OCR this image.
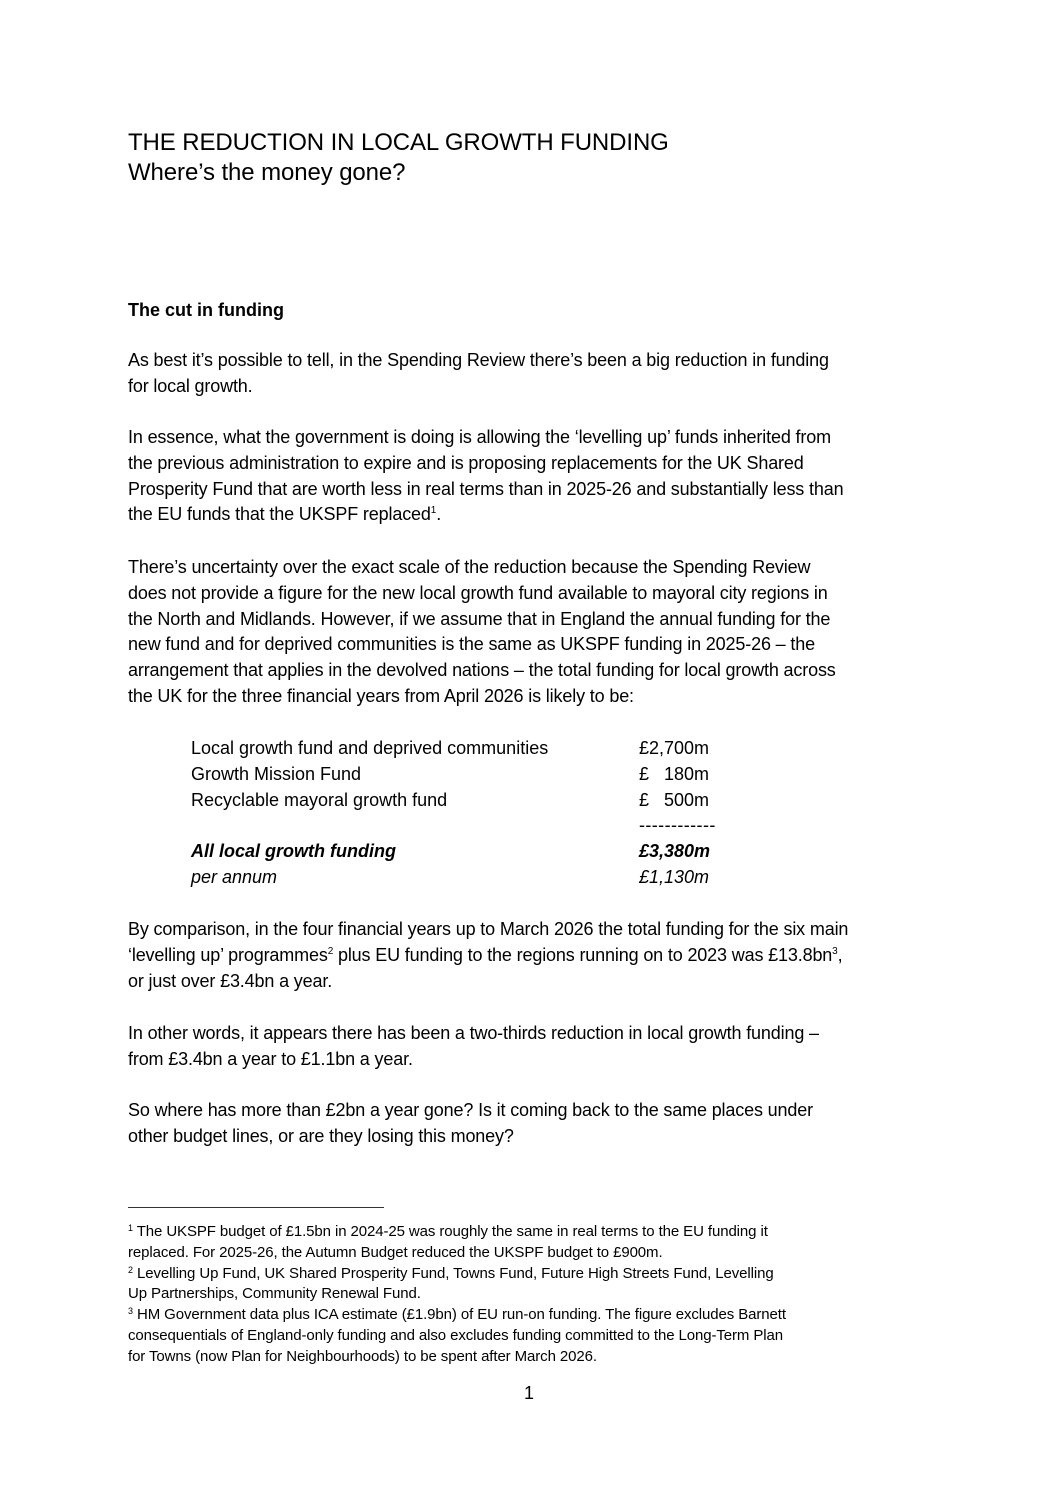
THE REDUCTION IN LOCAL GROWTH FUNDING
Where’s the money gone?
The cut in funding

As best it’s possible to tell, in the Spending Review there’s been a big reduction in funding
for local growth.

In essence, what the government is doing is allowing the ‘levelling up’ funds inherited from
the previous administration to expire and is proposing replacements for the UK Shared
Prosperity Fund that are worth less in real terms than in 2025-26 and substantially less than
the EU funds that the UKSPF replaced$^1$.

There’s uncertainty over the exact scale of the reduction because the Spending Review
does not provide a figure for the new local growth fund available to mayoral city regions in
the North and Midlands. However, if we assume that in England the annual funding for the
new fund and for deprived communities is the same as UKSPF funding in 2025-26 – the
arrangement that applies in the devolved nations – the total funding for local growth across
the UK for the three financial years from April 2026 is likely to be:

Local growth fund and deprived communities	£2,700m
Growth Mission Fund	£   180m
Recyclable mayoral growth fund	£   500m
	------------
All local growth funding	£3,380m
per annum	£1,130m

By comparison, in the four financial years up to March 2026 the total funding for the six main
‘levelling up’ programmes$^2$ plus EU funding to the regions running on to 2023 was $£13.8bn^3$,
or just over £3.4bn a year.

In other words, it appears there has been a two-thirds reduction in local growth funding –
from £3.4bn a year to £1.1bn a year.

So where has more than £2bn a year gone? Is it coming back to the same places under
other budget lines, or are they losing this money?

$^1$ The UKSPF budget of £1.5bn in 2024-25 was roughly the same in real terms to the EU funding it
replaced. For 2025-26, the Autumn Budget reduced the UKSPF budget to £900m.
$^2$ Levelling Up Fund, UK Shared Prosperity Fund, Towns Fund, Future High Streets Fund, Levelling
Up Partnerships, Community Renewal Fund.
$^3$ HM Government data plus ICA estimate (£1.9bn) of EU run-on funding. The figure excludes Barnett
consequentials of England-only funding and also excludes funding committed to the Long-Term Plan
for Towns (now Plan for Neighbourhoods) to be spent after March 2026.
1
